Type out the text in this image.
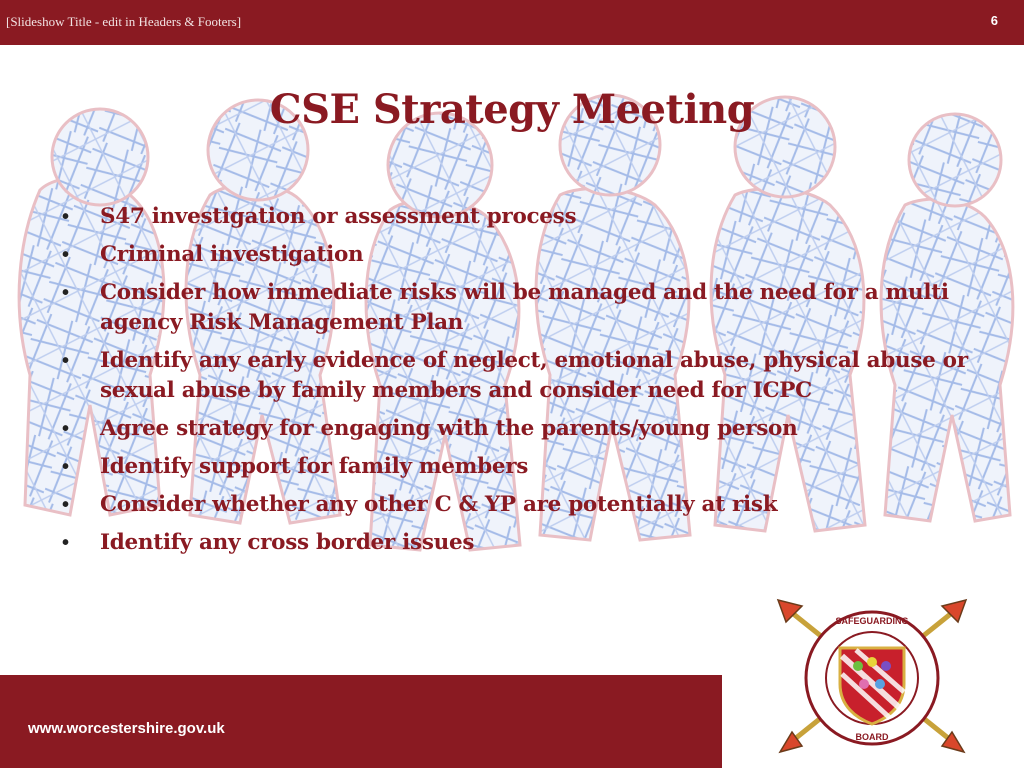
[Slideshow Title - edit in Headers & Footers]	6
CSE Strategy Meeting
• S47 investigation or assessment process
• Criminal investigation
• Consider how immediate risks will be managed and the need for a multi agency Risk Management Plan
• Identify any early evidence of neglect, emotional abuse, physical abuse or sexual abuse by family members and consider need for ICPC
• Agree strategy for engaging with the parents/young person
• Identify support for family members
• Consider whether any other C & YP are potentially at risk
• Identify any cross border issues
www.worcestershire.gov.uk
SAFEGUARDING
BOARD
